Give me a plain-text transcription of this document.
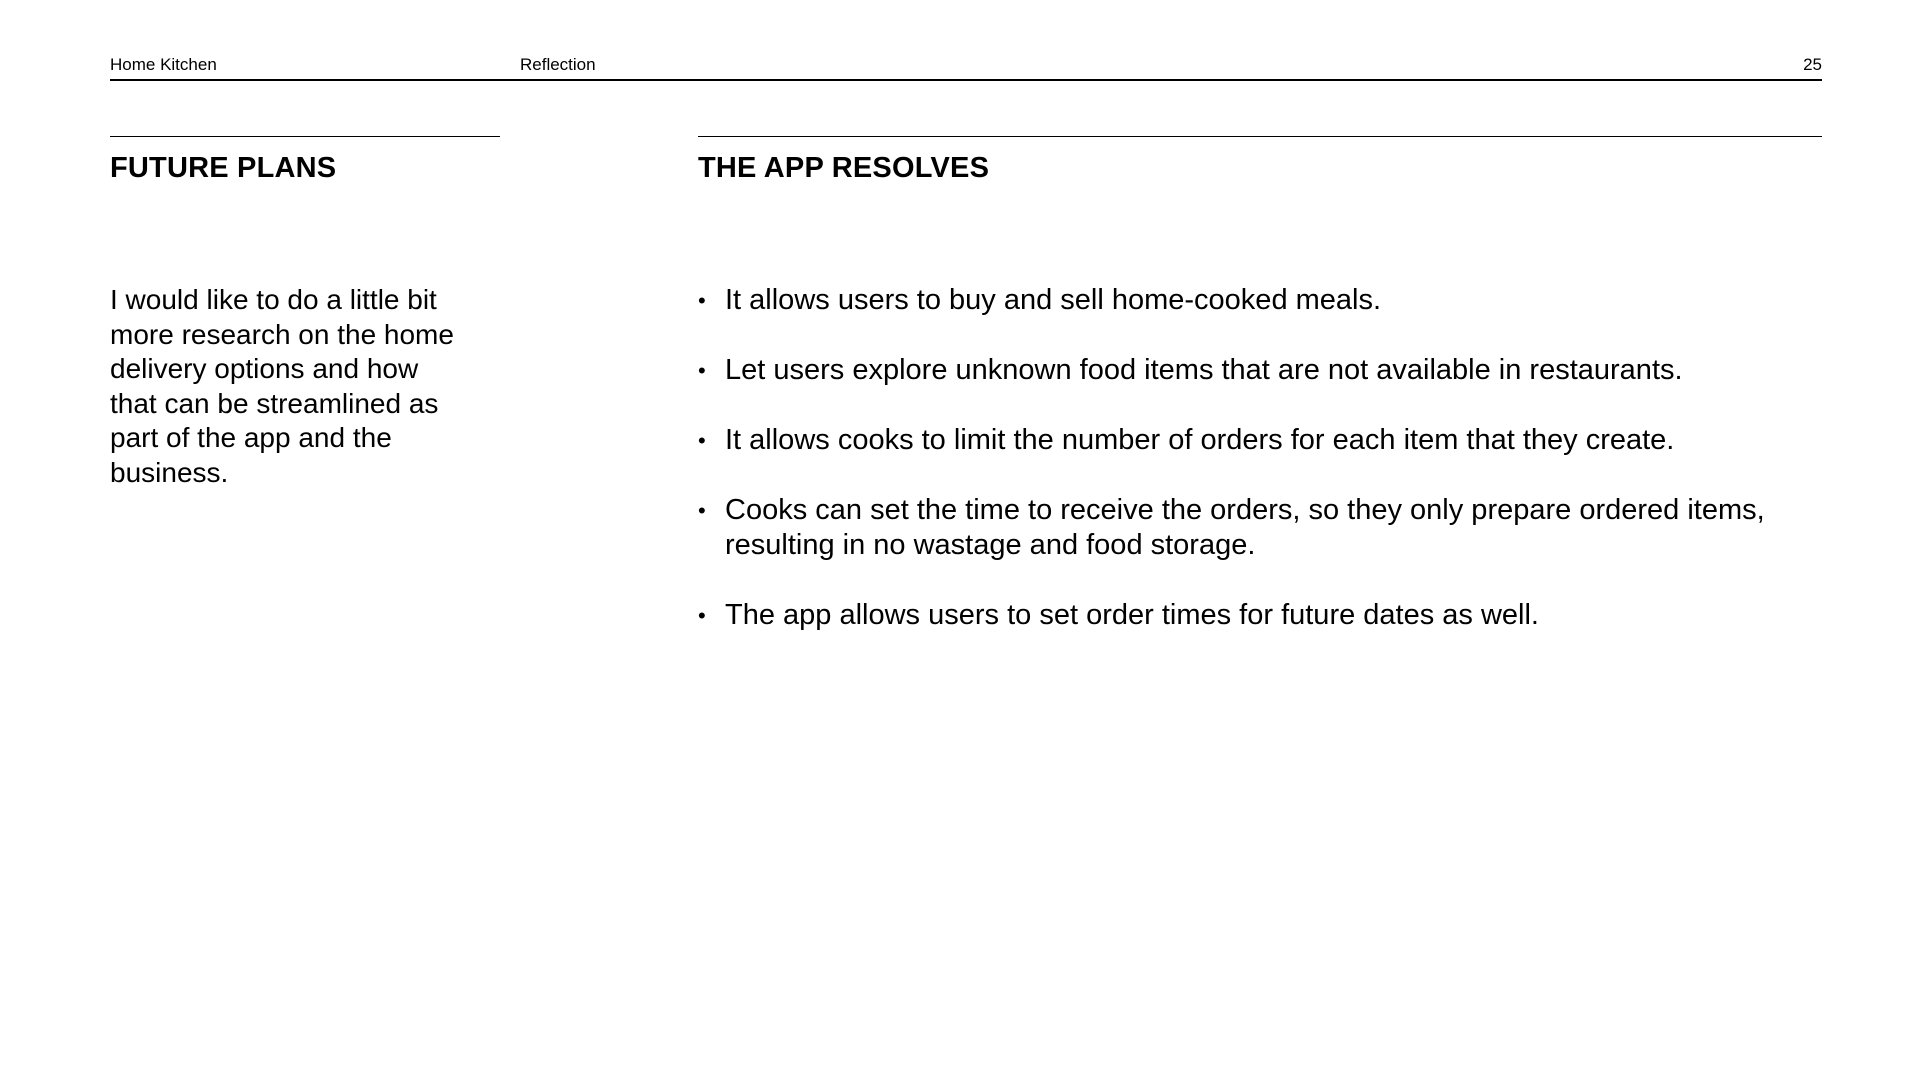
Home Kitchen	Reflection	25
FUTURE PLANS	THE APP RESOLVES

I would like to do a little bit more research on the home delivery options and how that can be streamlined as part of the app and the business.

• It allows users to buy and sell home-cooked meals.
• Let users explore unknown food items that are not available in restaurants.
• It allows cooks to limit the number of orders for each item that they create.
• Cooks can set the time to receive the orders, so they only prepare ordered items, resulting in no wastage and food storage.
• The app allows users to set order times for future dates as well.
